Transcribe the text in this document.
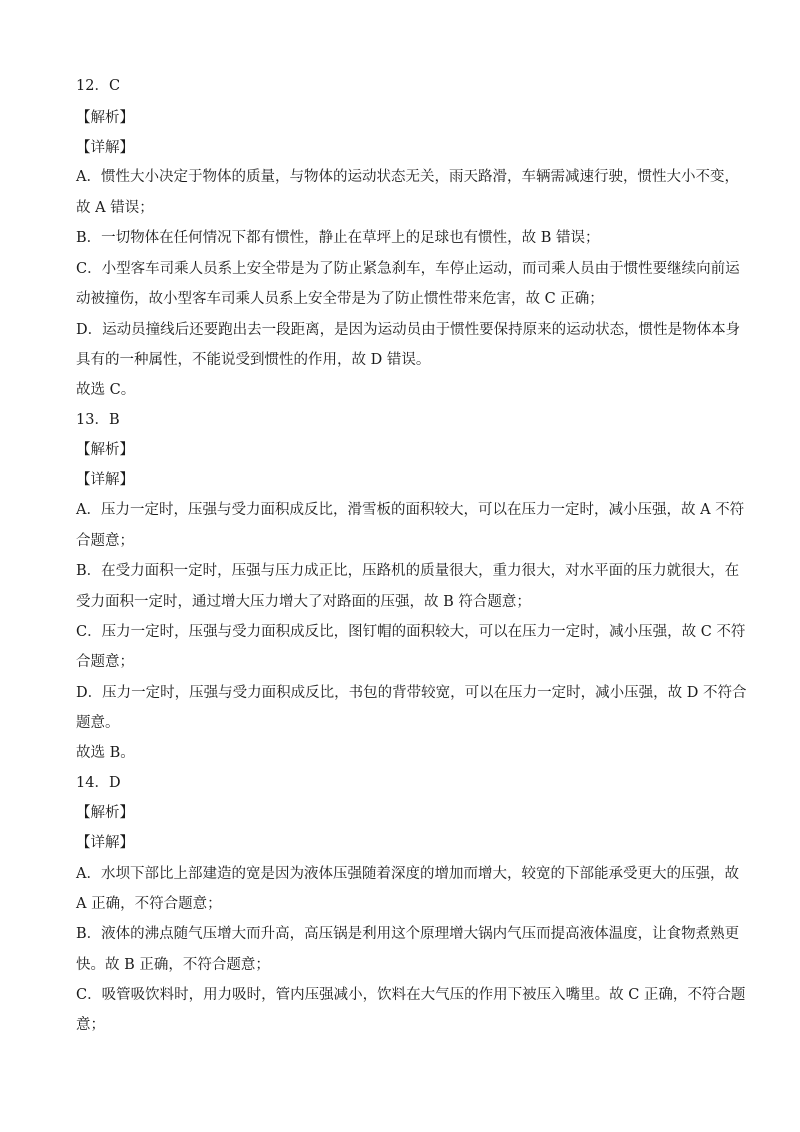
12．C
【解析】
【详解】
A．惯性大小决定于物体的质量，与物体的运动状态无关，雨天路滑，车辆需减速行驶，惯性大小不变，
故 A 错误；
B．一切物体在任何情况下都有惯性，静止在草坪上的足球也有惯性，故 B 错误；
C．小型客车司乘人员系上安全带是为了防止紧急刹车，车停止运动，而司乘人员由于惯性要继续向前运
动被撞伤，故小型客车司乘人员系上安全带是为了防止惯性带来危害，故 C 正确；
D．运动员撞线后还要跑出去一段距离，是因为运动员由于惯性要保持原来的运动状态，惯性是物体本身
具有的一种属性，不能说受到惯性的作用，故 D 错误。
故选 C。
13．B
【解析】
【详解】
A．压力一定时，压强与受力面积成反比，滑雪板的面积较大，可以在压力一定时，减小压强，故 A 不符
合题意；
B．在受力面积一定时，压强与压力成正比，压路机的质量很大，重力很大，对水平面的压力就很大，在
受力面积一定时，通过增大压力增大了对路面的压强，故 B 符合题意；
C．压力一定时，压强与受力面积成反比，图钉帽的面积较大，可以在压力一定时，减小压强，故 C 不符
合题意；
D．压力一定时，压强与受力面积成反比，书包的背带较宽，可以在压力一定时，减小压强，故 D 不符合
题意。
故选 B。
14．D
【解析】
【详解】
A．水坝下部比上部建造的宽是因为液体压强随着深度的增加而增大，较宽的下部能承受更大的压强，故
A 正确，不符合题意；
B．液体的沸点随气压增大而升高，高压锅是利用这个原理增大锅内气压而提高液体温度，让食物煮熟更
快。故 B 正确，不符合题意；
C．吸管吸饮料时，用力吸时，管内压强减小，饮料在大气压的作用下被压入嘴里。故 C 正确，不符合题
意；
